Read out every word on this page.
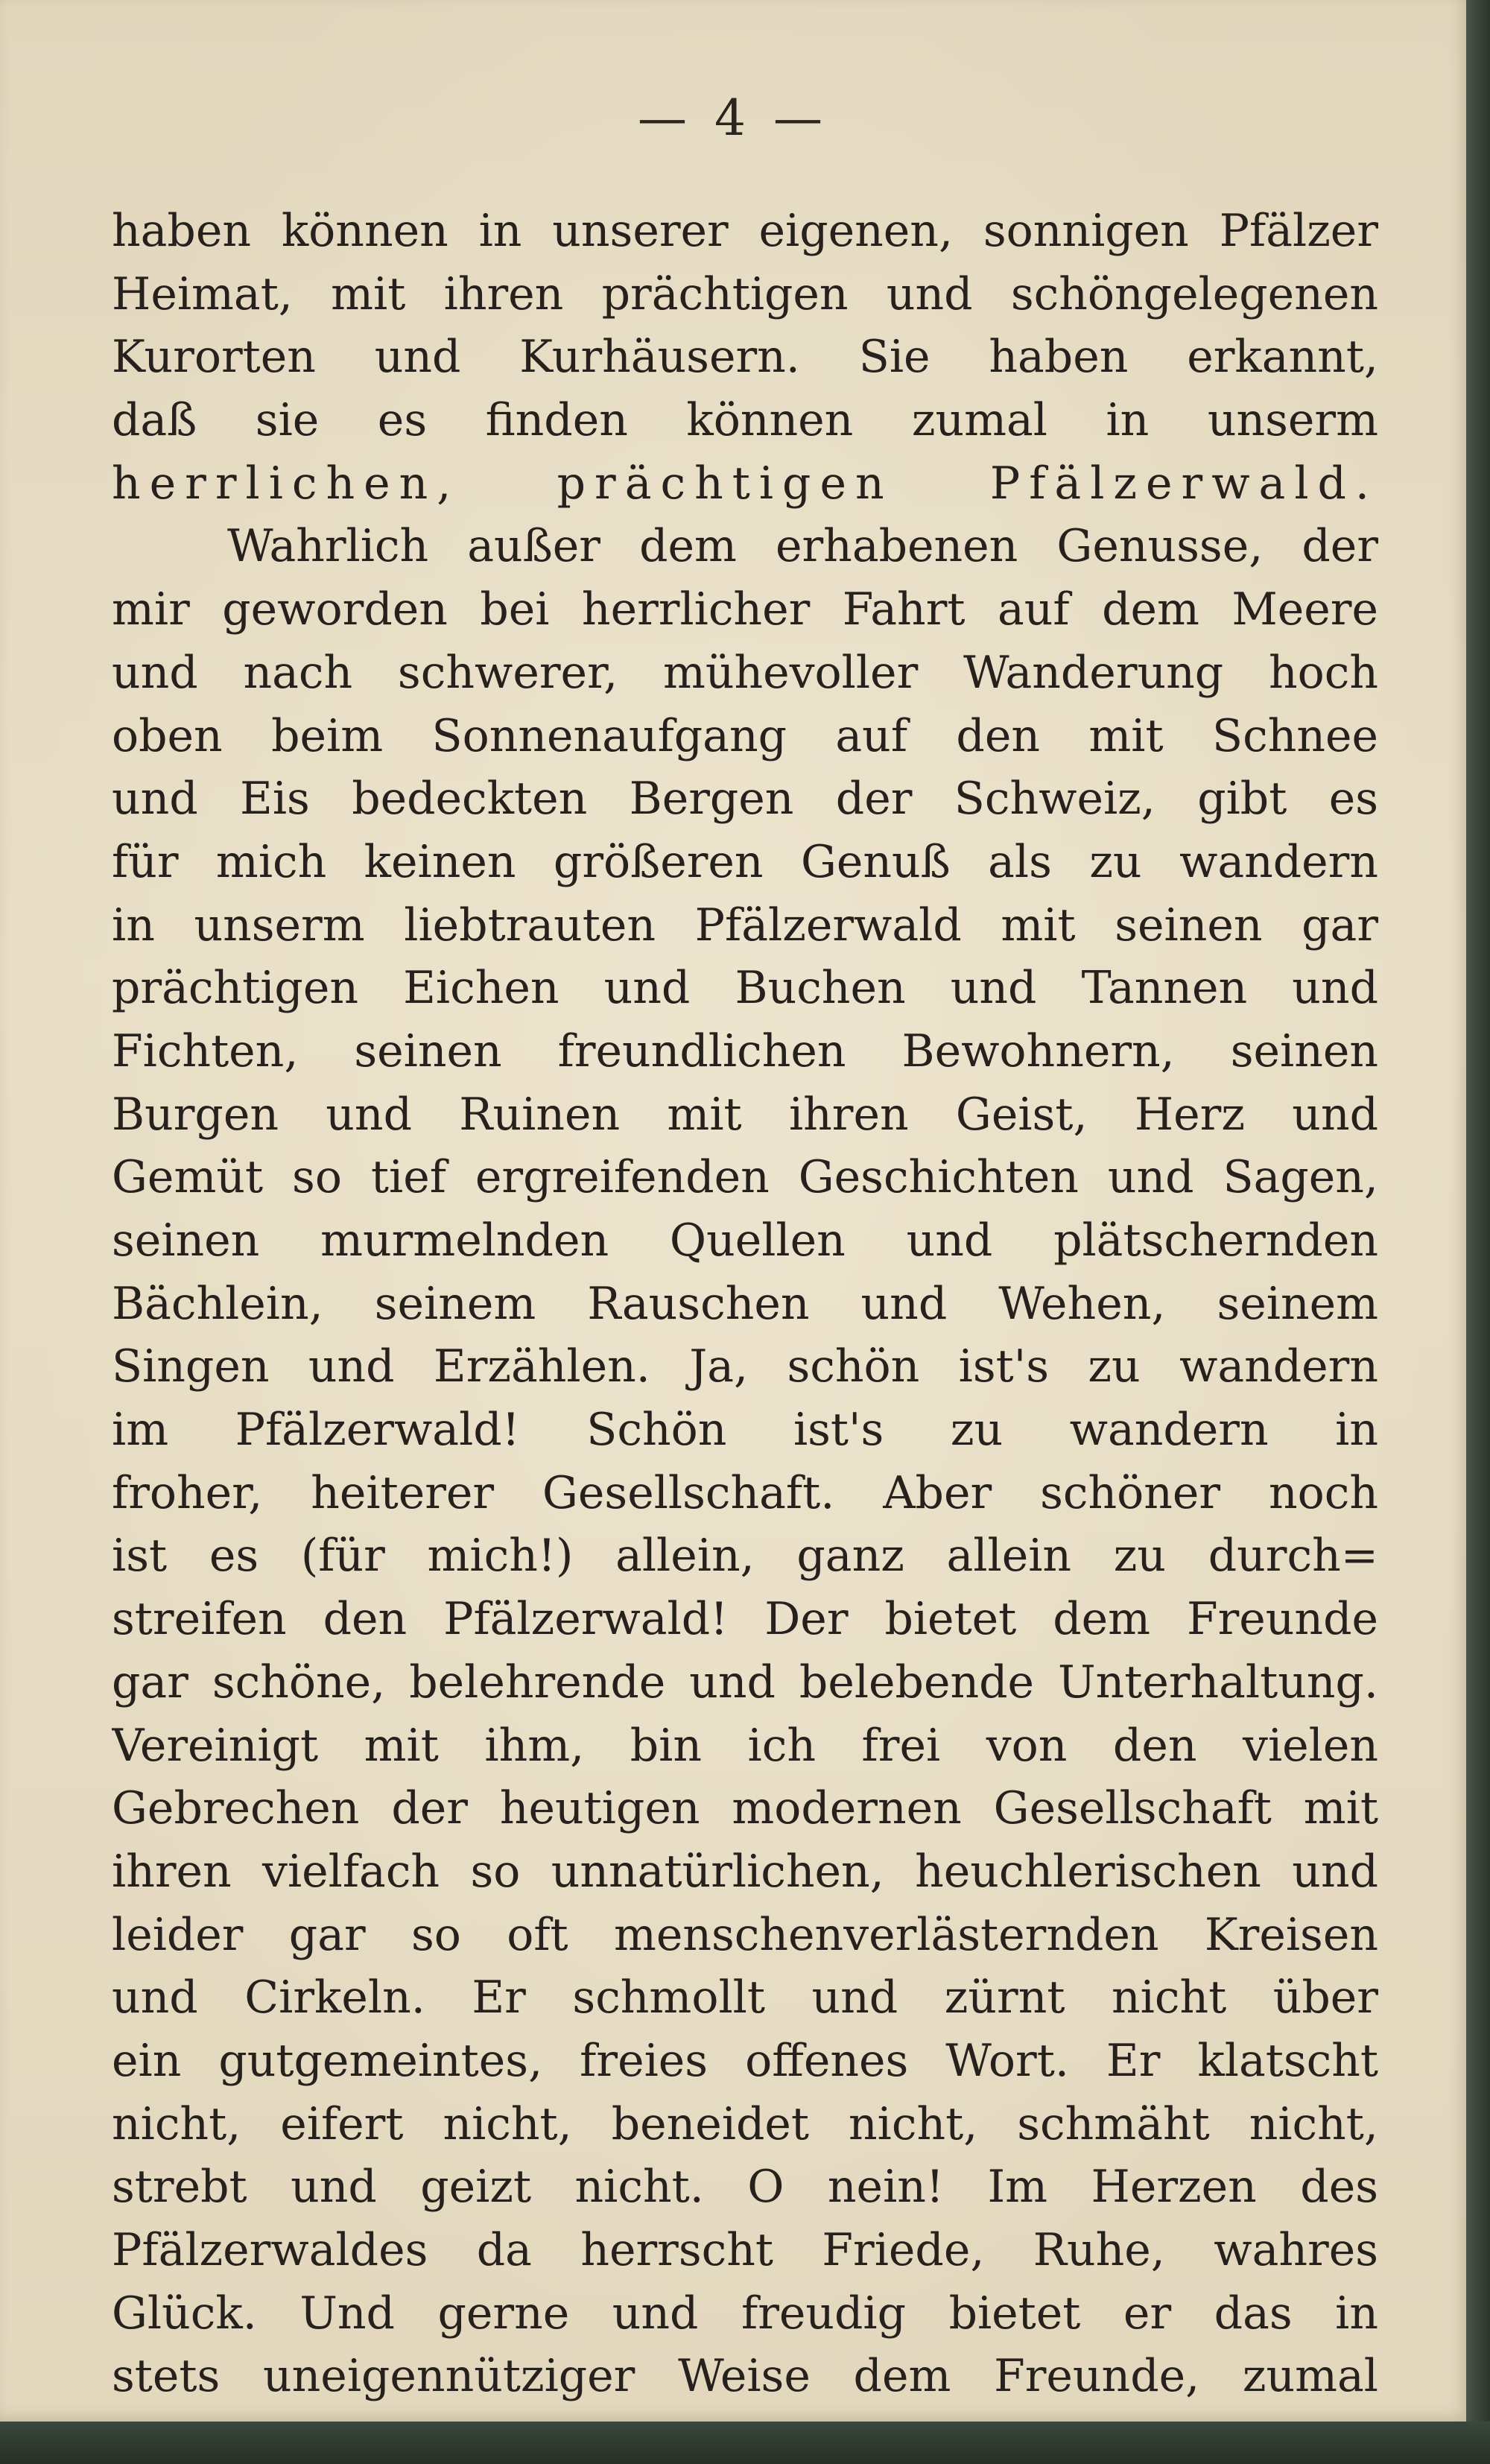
— 4 —
haben können in unserer eigenen, sonnigen Pfälzer
Heimat, mit ihren prächtigen und schöngelegenen
Kurorten und Kurhäusern. Sie haben erkannt,
daß sie es finden können zumal in unserm
herrlichen, prächtigen Pfälzerwald.
Wahrlich außer dem erhabenen Genusse, der
mir geworden bei herrlicher Fahrt auf dem Meere
und nach schwerer, mühevoller Wanderung hoch
oben beim Sonnenaufgang auf den mit Schnee
und Eis bedeckten Bergen der Schweiz, gibt es
für mich keinen größeren Genuß als zu wandern
in unserm liebtrauten Pfälzerwald mit seinen gar
prächtigen Eichen und Buchen und Tannen und
Fichten, seinen freundlichen Bewohnern, seinen
Burgen und Ruinen mit ihren Geist, Herz und
Gemüt so tief ergreifenden Geschichten und Sagen,
seinen murmelnden Quellen und plätschernden
Bächlein, seinem Rauschen und Wehen, seinem
Singen und Erzählen. Ja, schön ist's zu wandern
im Pfälzerwald! Schön ist's zu wandern in
froher, heiterer Gesellschaft. Aber schöner noch
ist es (für mich!) allein, ganz allein zu durch=
streifen den Pfälzerwald! Der bietet dem Freunde
gar schöne, belehrende und belebende Unterhaltung.
Vereinigt mit ihm, bin ich frei von den vielen
Gebrechen der heutigen modernen Gesellschaft mit
ihren vielfach so unnatürlichen, heuchlerischen und
leider gar so oft menschenverlästernden Kreisen
und Cirkeln. Er schmollt und zürnt nicht über
ein gutgemeintes, freies offenes Wort. Er klatscht
nicht, eifert nicht, beneidet nicht, schmäht nicht,
strebt und geizt nicht. O nein! Im Herzen des
Pfälzerwaldes da herrscht Friede, Ruhe, wahres
Glück. Und gerne und freudig bietet er das in
stets uneigennütziger Weise dem Freunde, zumal
